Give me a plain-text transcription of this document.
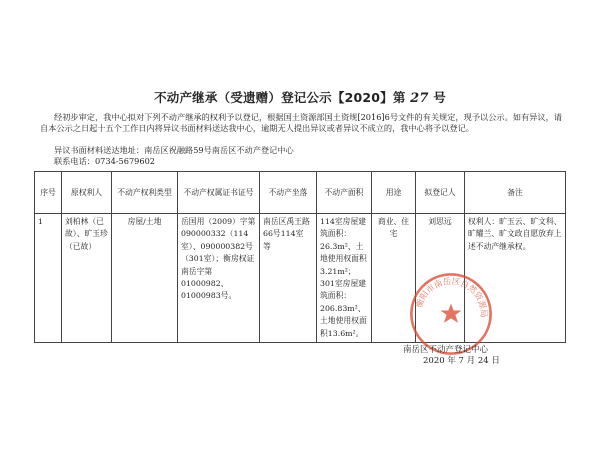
不动产继承（受遗赠）登记公示【2020】第 27 号
经初步审定，我中心拟对下列不动产继承的权利予以登记，根据国土资源部国土资规[2016]6号文件的有关规定，现予以公示。如有异议，请自本公示之日起十五个工作日内将异议书面材料送达我中心，逾期无人提出异议或者异议不成立的，我中心将予以登记。
异议书面材料送达地址：南岳区祝融路59号南岳区不动产登记中心
联系电话：0734-5679602
序号	原权利人	不动产权利类型	不动产权属证书证号	不动产坐落	不动产面积	用途	拟登记人	备注
1	刘柏林（已故）、旷玉珍（已故）	房屋/土地	岳国用（2009）字第090000332（114室）、090000382号（301室）；衡房权证南岳字第01000982、01000983号。	南岳区禹王路66号114室 等	114室房屋建筑面积：26.3m²、土地使用权面积3.21m²；301室房屋建筑面积：206.83m²、土地使用权面积13.6m²。	商业、住宅	刘思远	权利人：旷玉云、旷文科、旷耀兰、旷文政自愿放弃上述不动产继承权。
衡阳市南岳区自然资源局
南岳区不动产登记中心
2020 年 7 月 24 日
